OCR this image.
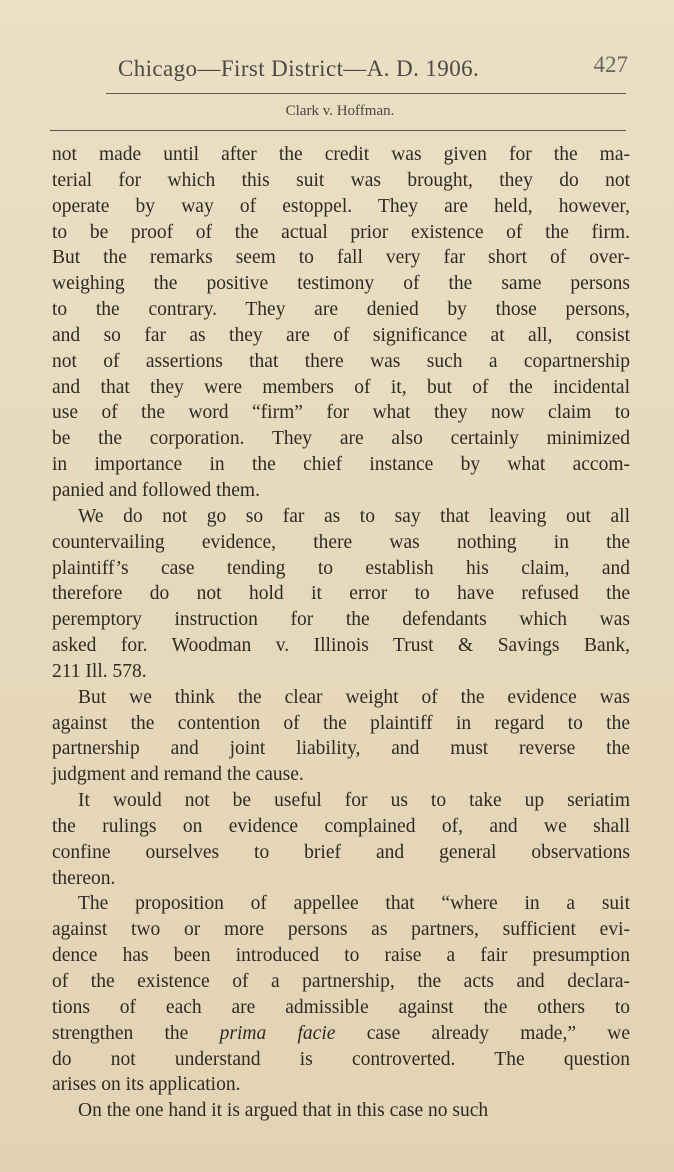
Chicago—First District—A. D. 1906.	427
Clark v. Hoffman.
not made until after the credit was given for the ma-
terial for which this suit was brought, they do not
operate by way of estoppel. They are held, however,
to be proof of the actual prior existence of the firm.
But the remarks seem to fall very far short of over-
weighing the positive testimony of the same persons
to the contrary. They are denied by those persons,
and so far as they are of significance at all, consist
not of assertions that there was such a copartnership
and that they were members of it, but of the incidental
use of the word “firm” for what they now claim to
be the corporation. They are also certainly minimized
in importance in the chief instance by what accom-
panied and followed them.
We do not go so far as to say that leaving out all
countervailing evidence, there was nothing in the
plaintiff’s case tending to establish his claim, and
therefore do not hold it error to have refused the
peremptory instruction for the defendants which was
asked for. Woodman v. Illinois Trust & Savings Bank,
211 Ill. 578.
But we think the clear weight of the evidence was
against the contention of the plaintiff in regard to the
partnership and joint liability, and must reverse the
judgment and remand the cause.
It would not be useful for us to take up seriatim
the rulings on evidence complained of, and we shall
confine ourselves to brief and general observations
thereon.
The proposition of appellee that “where in a suit
against two or more persons as partners, sufficient evi-
dence has been introduced to raise a fair presumption
of the existence of a partnership, the acts and declara-
tions of each are admissible against the others to
strengthen the prima facie case already made,” we
do not understand is controverted. The question
arises on its application.
On the one hand it is argued that in this case no such
